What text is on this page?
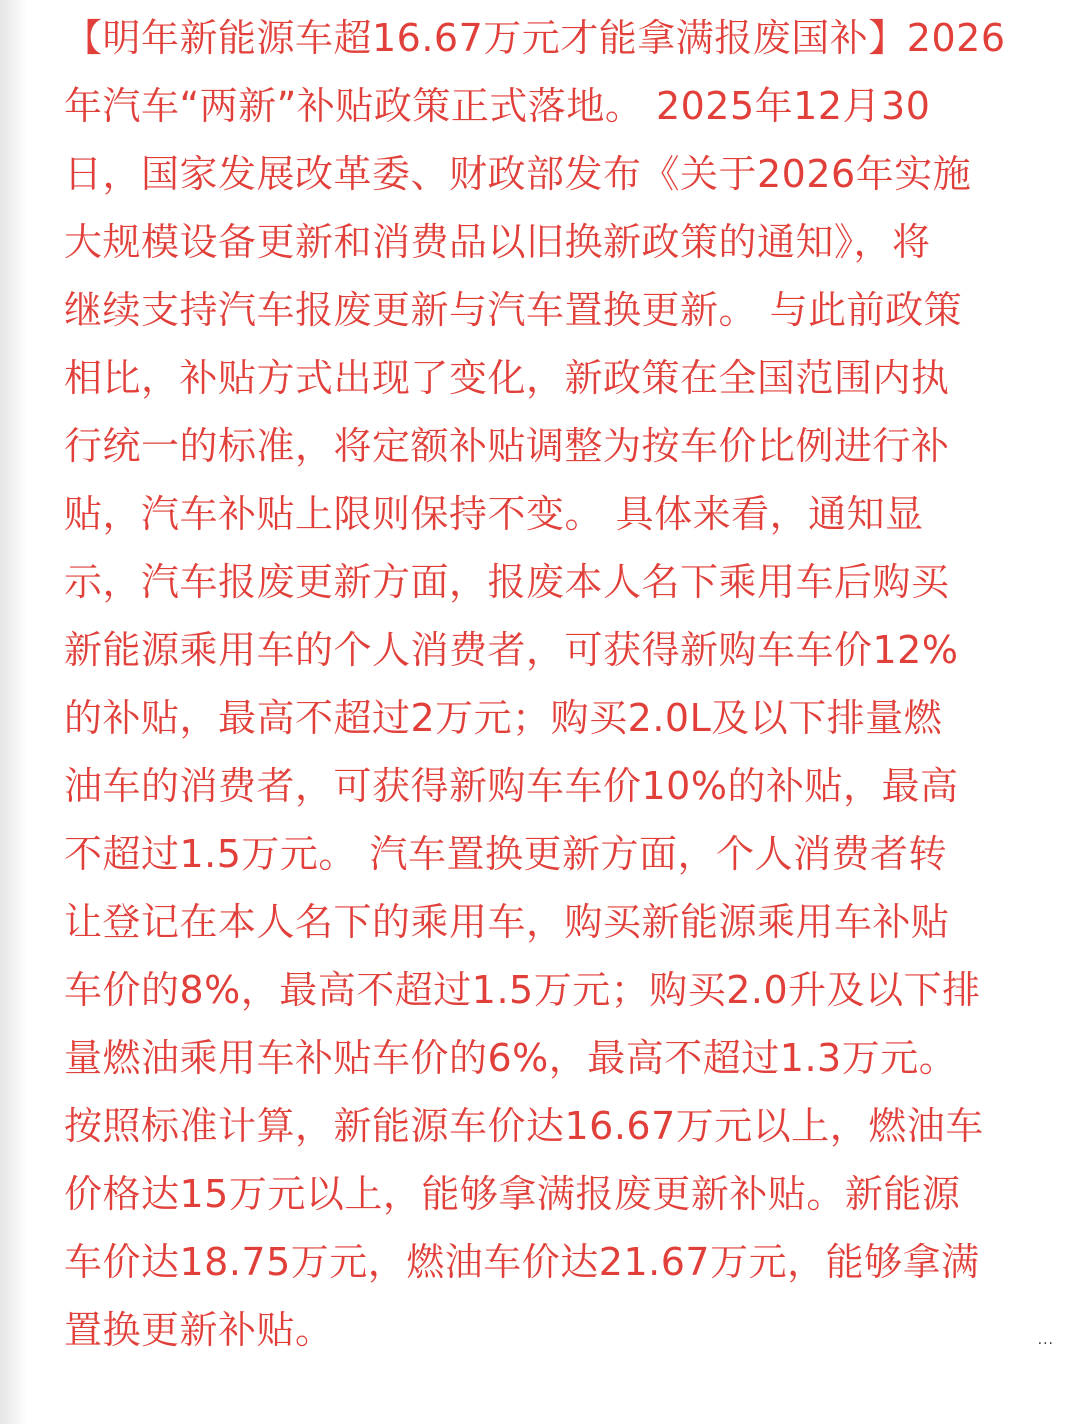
【明年新能源车超16.67万元才能拿满报废国补】2026
年汽车“两新”补贴政策正式落地。 2025年12月30
日，国家发展改革委、财政部发布《关于2026年实施
大规模设备更新和消费品以旧换新政策的通知》，将
继续支持汽车报废更新与汽车置换更新。 与此前政策
相比，补贴方式出现了变化，新政策在全国范围内执
行统一的标准，将定额补贴调整为按车价比例进行补
贴，汽车补贴上限则保持不变。 具体来看，通知显
示，汽车报废更新方面，报废本人名下乘用车后购买
新能源乘用车的个人消费者，可获得新购车车价12%
的补贴，最高不超过2万元；购买2.0L及以下排量燃
油车的消费者，可获得新购车车价10%的补贴，最高
不超过1.5万元。 汽车置换更新方面，个人消费者转
让登记在本人名下的乘用车，购买新能源乘用车补贴
车价的8%，最高不超过1.5万元；购买2.0升及以下排
量燃油乘用车补贴车价的6%，最高不超过1.3万元。
按照标准计算，新能源车价达16.67万元以上，燃油车
价格达15万元以上，能够拿满报废更新补贴。新能源
车价达18.75万元，燃油车价达21.67万元，能够拿满
置换更新补贴。	...
